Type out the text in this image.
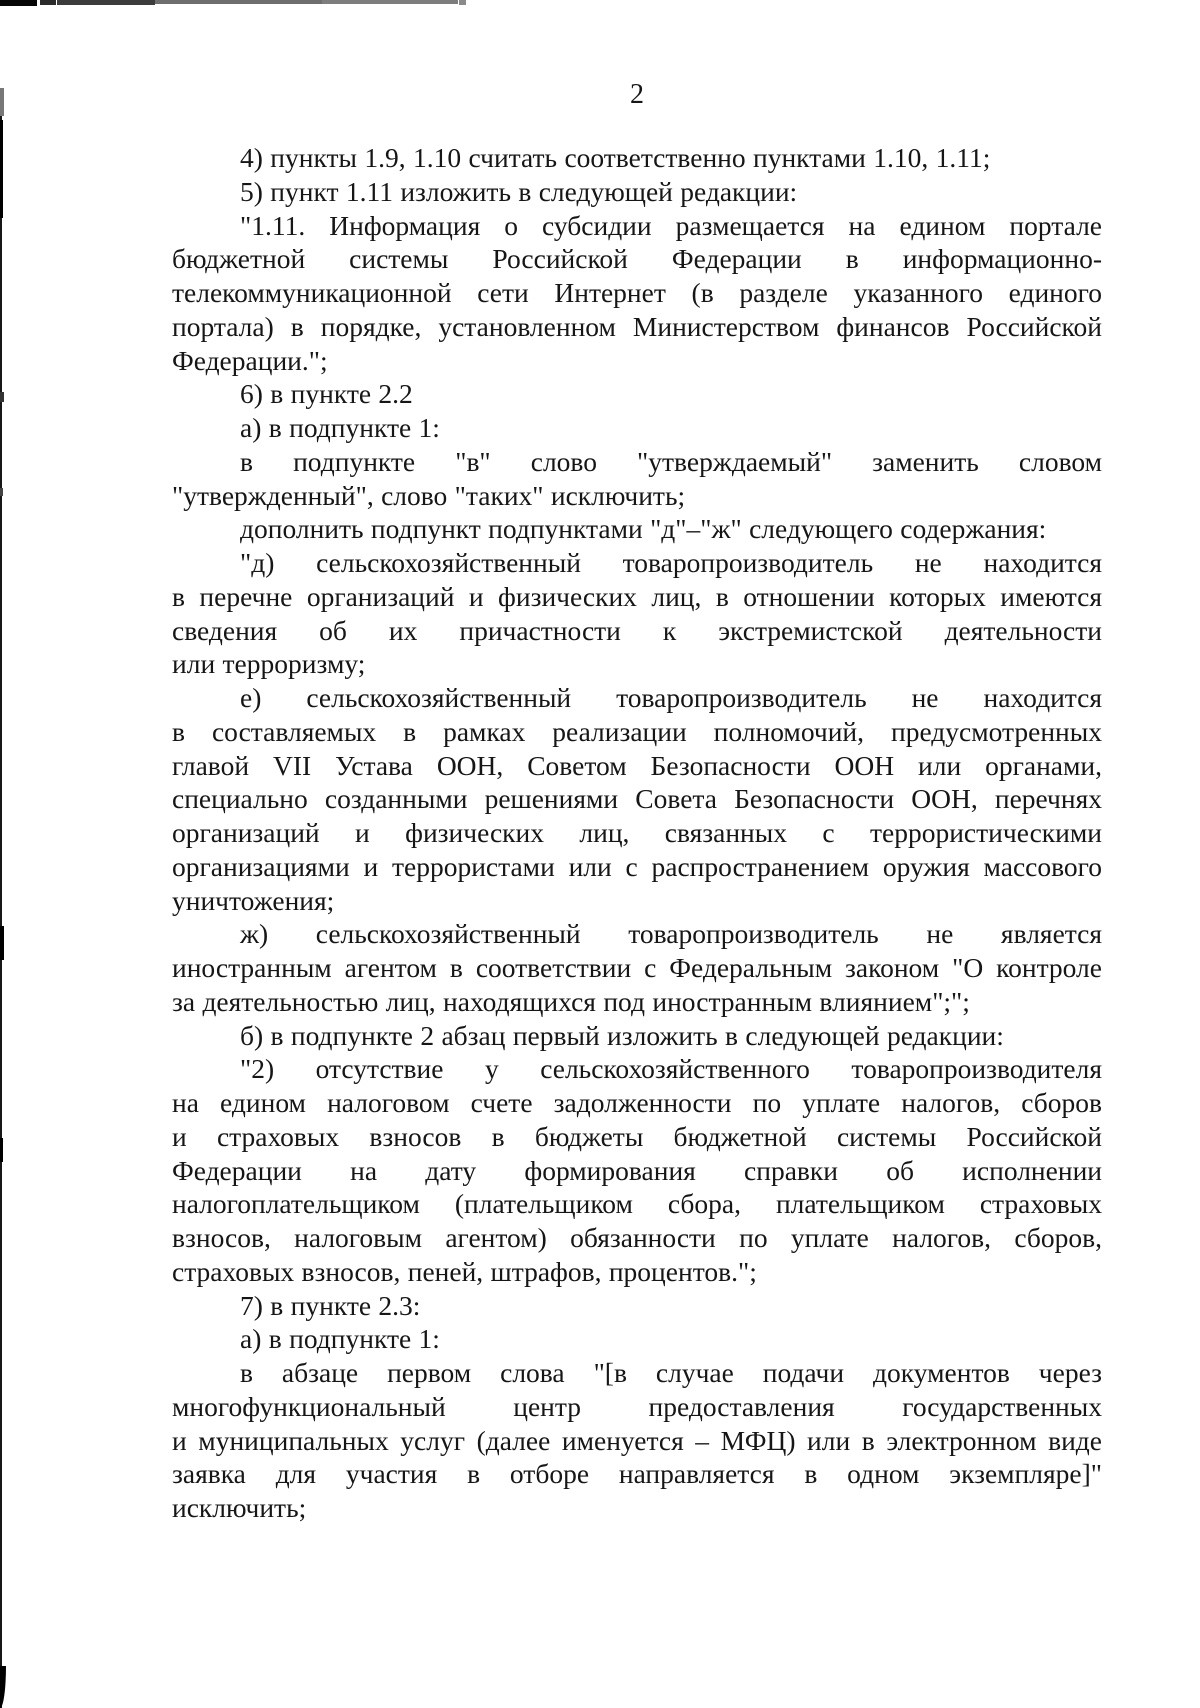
2
4) пункты 1.9, 1.10 считать соответственно пунктами 1.10, 1.11;
5) пункт 1.11 изложить в следующей редакции:
"1.11. Информация о субсидии размещается на едином портале
бюджетной системы Российской Федерации в информационно-
телекоммуникационной сети Интернет (в разделе указанного единого
портала) в порядке, установленном Министерством финансов Российской
Федерации.";
6) в пункте 2.2
а) в подпункте 1:
в подпункте "в" слово "утверждаемый" заменить словом
"утвержденный", слово "таких" исключить;
дополнить подпункт подпунктами "д"–"ж" следующего содержания:
"д) сельскохозяйственный товаропроизводитель не находится
в перечне организаций и физических лиц, в отношении которых имеются
сведения об их причастности к экстремистской деятельности
или терроризму;
е) сельскохозяйственный товаропроизводитель не находится
в составляемых в рамках реализации полномочий, предусмотренных
главой VII Устава ООН, Советом Безопасности ООН или органами,
специально созданными решениями Совета Безопасности ООН, перечнях
организаций и физических лиц, связанных с террористическими
организациями и террористами или с распространением оружия массового
уничтожения;
ж) сельскохозяйственный товаропроизводитель не является
иностранным агентом в соответствии с Федеральным законом "О контроле
за деятельностью лиц, находящихся под иностранным влиянием";";
б) в подпункте 2 абзац первый изложить в следующей редакции:
"2) отсутствие у сельскохозяйственного товаропроизводителя
на едином налоговом счете задолженности по уплате налогов, сборов
и страховых взносов в бюджеты бюджетной системы Российской
Федерации на дату формирования справки об исполнении
налогоплательщиком (плательщиком сбора, плательщиком страховых
взносов, налоговым агентом) обязанности по уплате налогов, сборов,
страховых взносов, пеней, штрафов, процентов.";
7) в пункте 2.3:
а) в подпункте 1:
в абзаце первом слова "[в случае подачи документов через
многофункциональный центр предоставления государственных
и муниципальных услуг (далее именуется – МФЦ) или в электронном виде
заявка для участия в отборе направляется в одном экземпляре]"
исключить;
